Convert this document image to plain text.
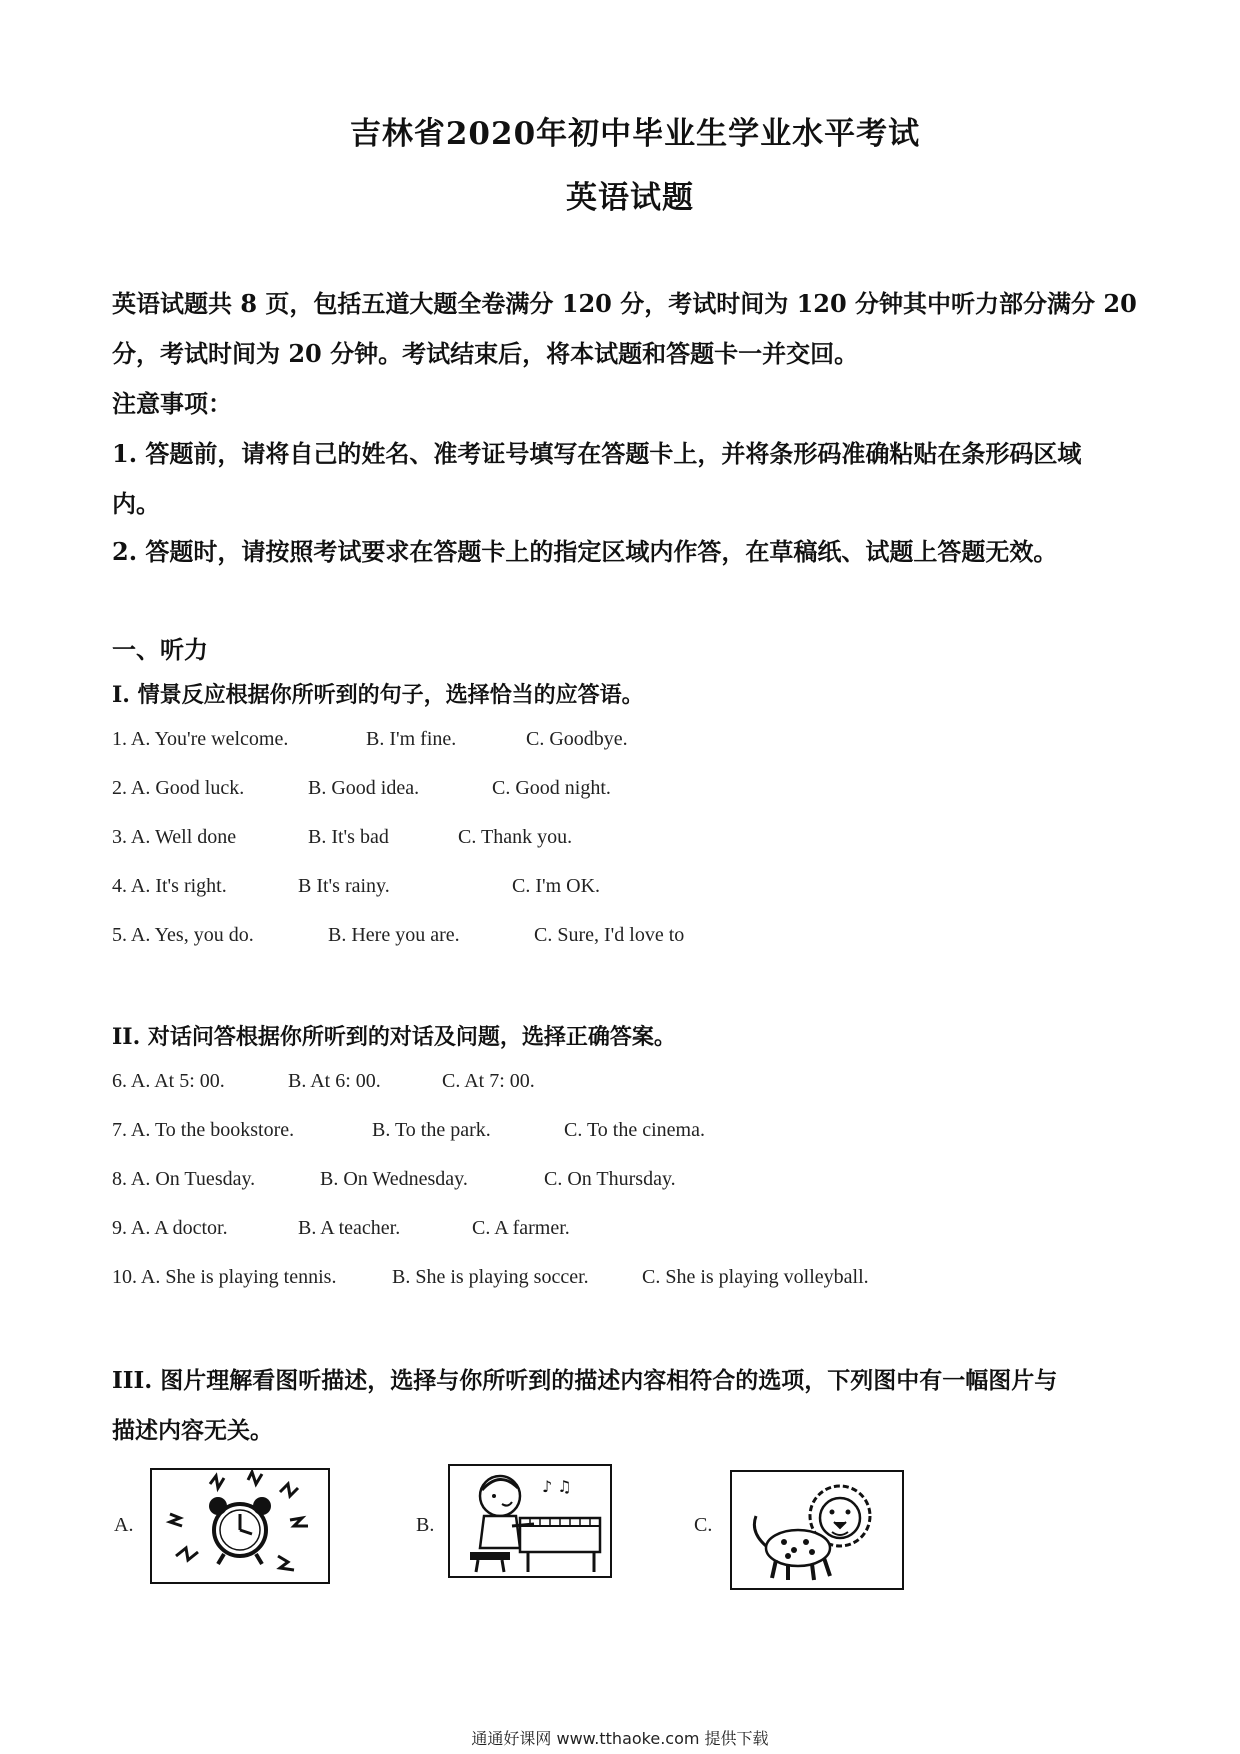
吉林省2020年初中毕业生学业水平考试
英语试题
英语试题共 8 页，包括五道大题全卷满分 120 分，考试时间为 120 分钟其中听力部分满分 20
分，考试时间为 20 分钟。考试结束后，将本试题和答题卡一并交回。
注意事项：
1. 答题前，请将自己的姓名、准考证号填写在答题卡上，并将条形码准确粘贴在条形码区域
内。
2. 答题时，请按照考试要求在答题卡上的指定区域内作答，在草稿纸、试题上答题无效。
一、听力
I. 情景反应根据你所听到的句子，选择恰当的应答语。
1. A. You're welcome.	B. I'm fine.	C. Goodbye.
2. A. Good luck.	B. Good idea.	C. Good night.
3. A. Well done	B. It's bad	C. Thank you.
4. A. It's right.	B It's rainy.	C. I'm OK.
5. A. Yes, you do.	B. Here you are.	C. Sure, I'd love to
II. 对话问答根据你所听到的对话及问题，选择正确答案。
6. A. At 5: 00.	B. At 6: 00.	C. At 7: 00.
7. A. To the bookstore.	B. To the park.	C. To the cinema.
8. A. On Tuesday.	B. On Wednesday.	C. On Thursday.
9. A. A doctor.	B. A teacher.	C. A farmer.
10. A. She is playing tennis.	B. She is playing soccer.	C. She is playing volleyball.
III. 图片理解看图听描述，选择与你所听到的描述内容相符合的选项，下列图中有一幅图片与
描述内容无关。
A.	B.
♪ ♫
C.
通通好课网 www.tthaoke.com 提供下载
